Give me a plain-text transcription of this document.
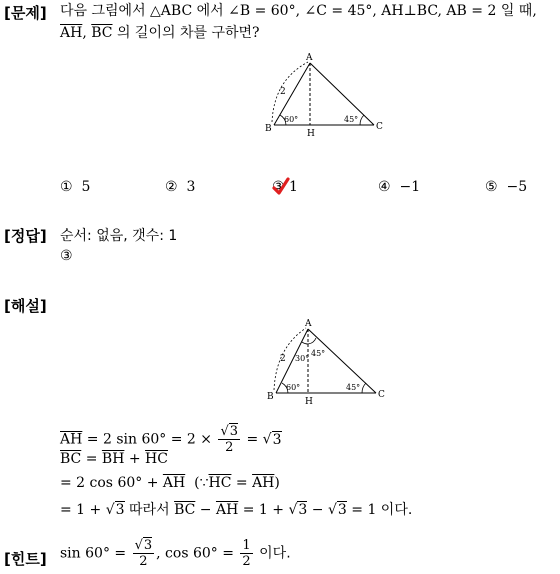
[문제] 다음 그림에서 △ABC 에서 ∠B = 60°, ∠C = 45°, AH⊥BC, AB = 2 일 때,
$\overline{AH}$, $\overline{BC}$ 의 길이의 차를 구하면?
A
B	C
H
2
60°	45°
① 5	② 3	③ 1	④ −1	⑤ −5
[정답] 순서: 없음, 갯수: 1
③
[해설]
A
B	C
H
2
60°	45°
30°
45°
$\overline{AH} = 2$ $\sin 60^\circ = 2 \times \frac{√3}{2} = √3$
$\overline{BC} = \overline{BH} + \overline{HC}$
= 2 $\cos 60^\circ + \overline{AH}$ $(\because\overline{HC} = \overline{AH})$
= 1 + √3 따라서 $\overline{BC} - \overline{AH} = 1 + √3 - √3 = 1$ 이다.
[힌트] $\sin 60^\circ = \frac{√3}{2}$ , $\cos 60^\circ = \frac{1}{2}$ 이다.
